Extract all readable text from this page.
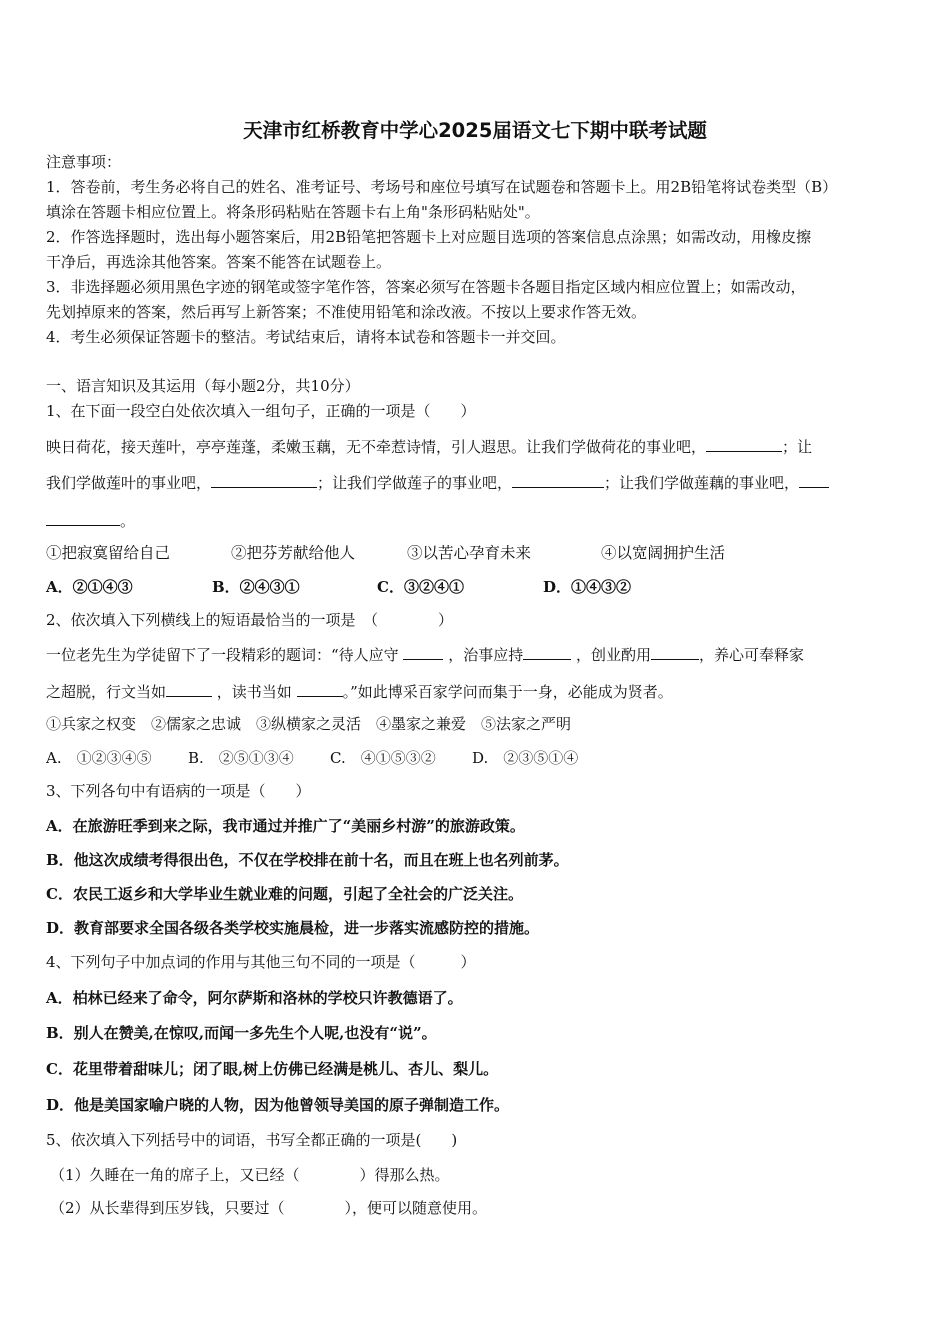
天津市红桥教育中学心2025届语文七下期中联考试题
注意事项：
1．答卷前，考生务必将自己的姓名、准考证号、考场号和座位号填写在试题卷和答题卡上。用2B铅笔将试卷类型（B）
填涂在答题卡相应位置上。将条形码粘贴在答题卡右上角"条形码粘贴处"。
2．作答选择题时，选出每小题答案后，用2B铅笔把答题卡上对应题目选项的答案信息点涂黑；如需改动，用橡皮擦
干净后，再选涂其他答案。答案不能答在试题卷上。
3．非选择题必须用黑色字迹的钢笔或签字笔作答，答案必须写在答题卡各题目指定区域内相应位置上；如需改动，
先划掉原来的答案，然后再写上新答案；不准使用铅笔和涂改液。不按以上要求作答无效。
4．考生必须保证答题卡的整洁。考试结束后，请将本试卷和答题卡一并交回。
一、语言知识及其运用（每小题2分，共10分）
1、在下面一段空白处依次填入一组句子，正确的一项是（　　）
映日荷花，接天莲叶，亭亭莲蓬，柔嫩玉藕，无不牵惹诗情，引人遐思。让我们学做荷花的事业吧，	；让
我们学做莲叶的事业吧，	；让我们学做莲子的事业吧，	；让我们学做莲藕的事业吧，
。
①把寂寞留给自己	②把芬芳献给他人	③以苦心孕育未来	④以宽阔拥护生活
A．②①④③	B．②④③①	C．③②④①	D．①④③②
2、依次填入下列横线上的短语最恰当的一项是　（　　　　）
一位老先生为学徒留下了一段精彩的题词：“待人应守	，治事应持	，创业酌用	，养心可奉释家
之超脱，行文当如	，读书当如	。”如此博采百家学问而集于一身，必能成为贤者。
①兵家之权变　②儒家之忠诚　③纵横家之灵活　④墨家之兼爱　⑤法家之严明
A.　①②③④⑤ B.　②⑤①③④ C.　④①⑤③② D.　②③⑤①④
3、下列各句中有语病的一项是（　　）
A．在旅游旺季到来之际，我市通过并推广了“美丽乡村游”的旅游政策。
B．他这次成绩考得很出色，不仅在学校排在前十名，而且在班上也名列前茅。
C．农民工返乡和大学毕业生就业难的问题，引起了全社会的广泛关注。
D．教育部要求全国各级各类学校实施晨检，进一步落实流感防控的措施。
4、下列句子中加点词的作用与其他三句不同的一项是（　　　）
A．柏林已经来了命令，阿尔萨斯和洛林的学校只许教德语了。
B．别人在赞美,在惊叹,而闻一多先生个人呢,也没有“说”。
C．花里带着甜味儿；闭了眼,树上仿佛已经满是桃儿、杏儿、梨儿。
D．他是美国家喻户晓的人物，因为他曾领导美国的原子弹制造工作。
5、依次填入下列括号中的词语，书写全都正确的一项是(　　)
（1）久睡在一角的席子上，又已经（　　　　）得那么热。
（2）从长辈得到压岁钱，只要过（　　　　），便可以随意使用。
